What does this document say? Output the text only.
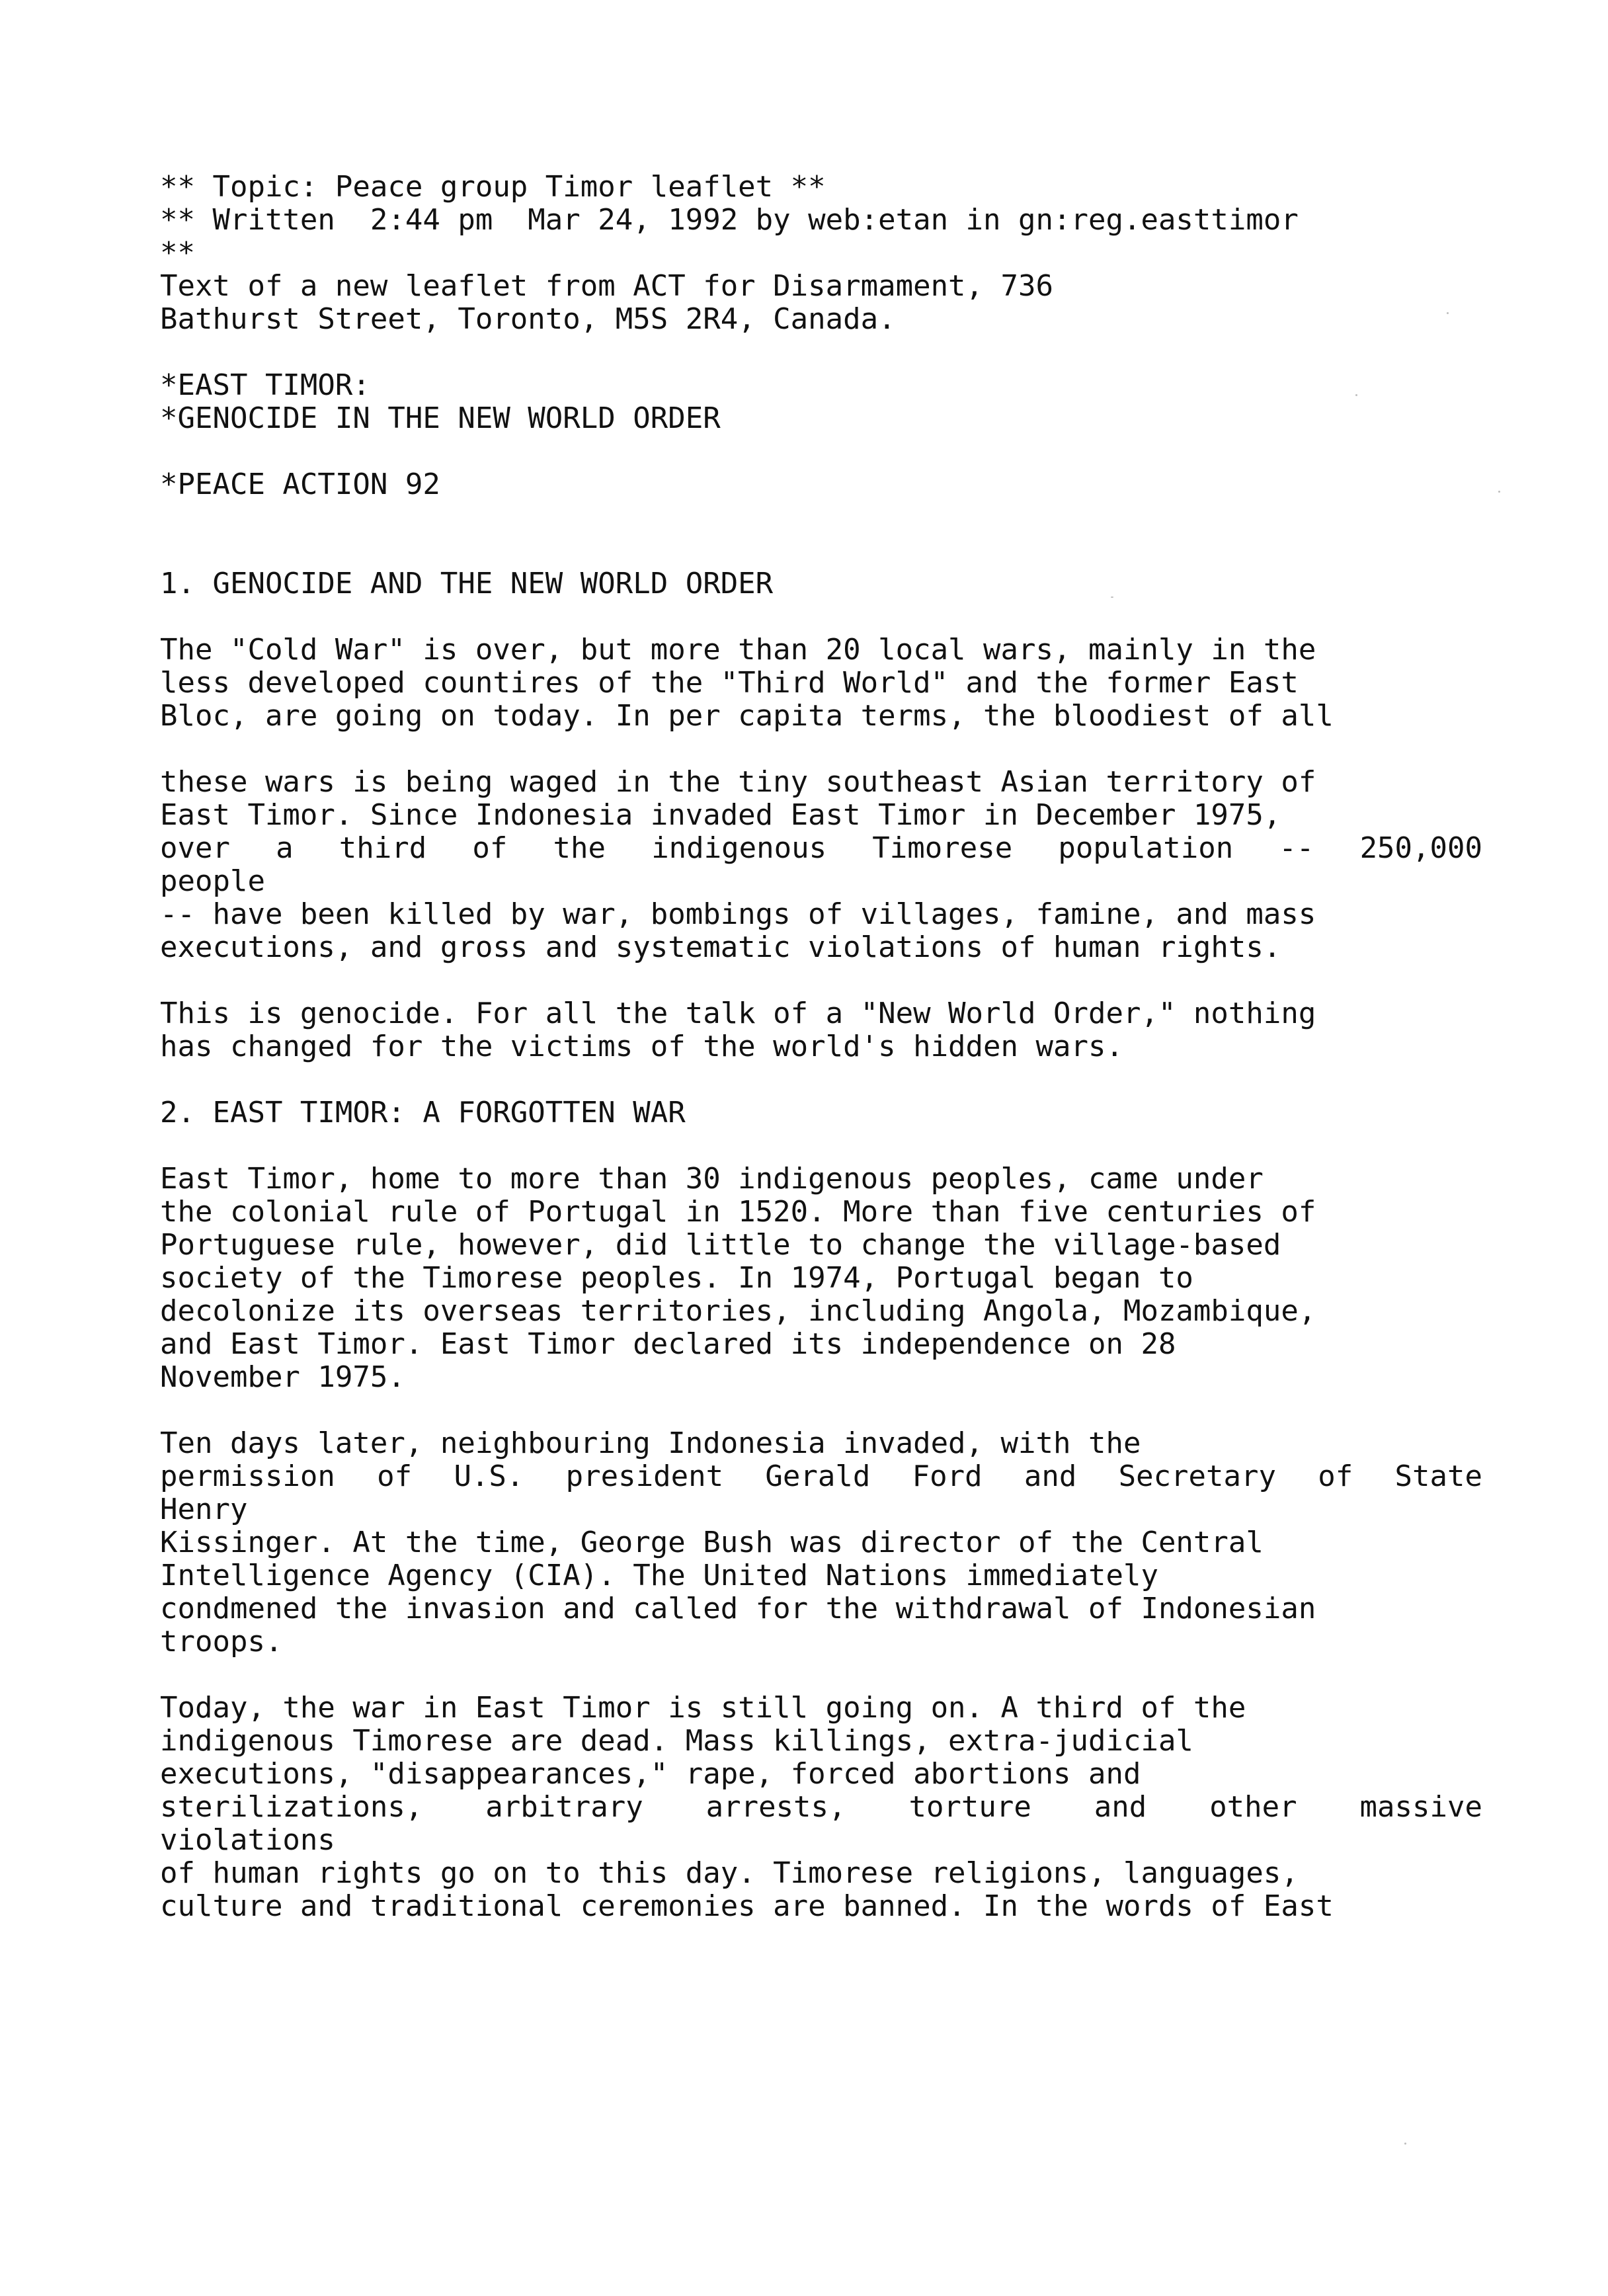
** Topic: Peace group Timor leaflet **
** Written  2:44 pm  Mar 24, 1992 by web:etan in gn:reg.easttimor
**
Text of a new leaflet from ACT for Disarmament, 736
Bathurst Street, Toronto, M5S 2R4, Canada.
*EAST TIMOR:
*GENOCIDE IN THE NEW WORLD ORDER
*PEACE ACTION 92
1. GENOCIDE AND THE NEW WORLD ORDER
The "Cold War" is over, but more than 20 local wars, mainly in the
less developed countires of the "Third World" and the former East
Bloc, are going on today. In per capita terms, the bloodiest of all
these wars is being waged in the tiny southeast Asian territory of
East Timor. Since Indonesia invaded East Timor in December 1975,
over a third of the indigenous Timorese population -- 250,000
people
-- have been killed by war, bombings of villages, famine, and mass
executions, and gross and systematic violations of human rights.
This is genocide. For all the talk of a "New World Order," nothing
has changed for the victims of the world's hidden wars.
2. EAST TIMOR: A FORGOTTEN WAR
East Timor, home to more than 30 indigenous peoples, came under
the colonial rule of Portugal in 1520. More than five centuries of
Portuguese rule, however, did little to change the village-based
society of the Timorese peoples. In 1974, Portugal began to
decolonize its overseas territories, including Angola, Mozambique,
and East Timor. East Timor declared its independence on 28
November 1975.
Ten days later, neighbouring Indonesia invaded, with the
permission of U.S. president Gerald Ford and Secretary of State
Henry
Kissinger. At the time, George Bush was director of the Central
Intelligence Agency (CIA). The United Nations immediately
condmened the invasion and called for the withdrawal of Indonesian
troops.
Today, the war in East Timor is still going on. A third of the
indigenous Timorese are dead. Mass killings, extra-judicial
executions, "disappearances," rape, forced abortions and
sterilizations, arbitrary arrests, torture and other massive
violations
of human rights go on to this day. Timorese religions, languages,
culture and traditional ceremonies are banned. In the words of East
